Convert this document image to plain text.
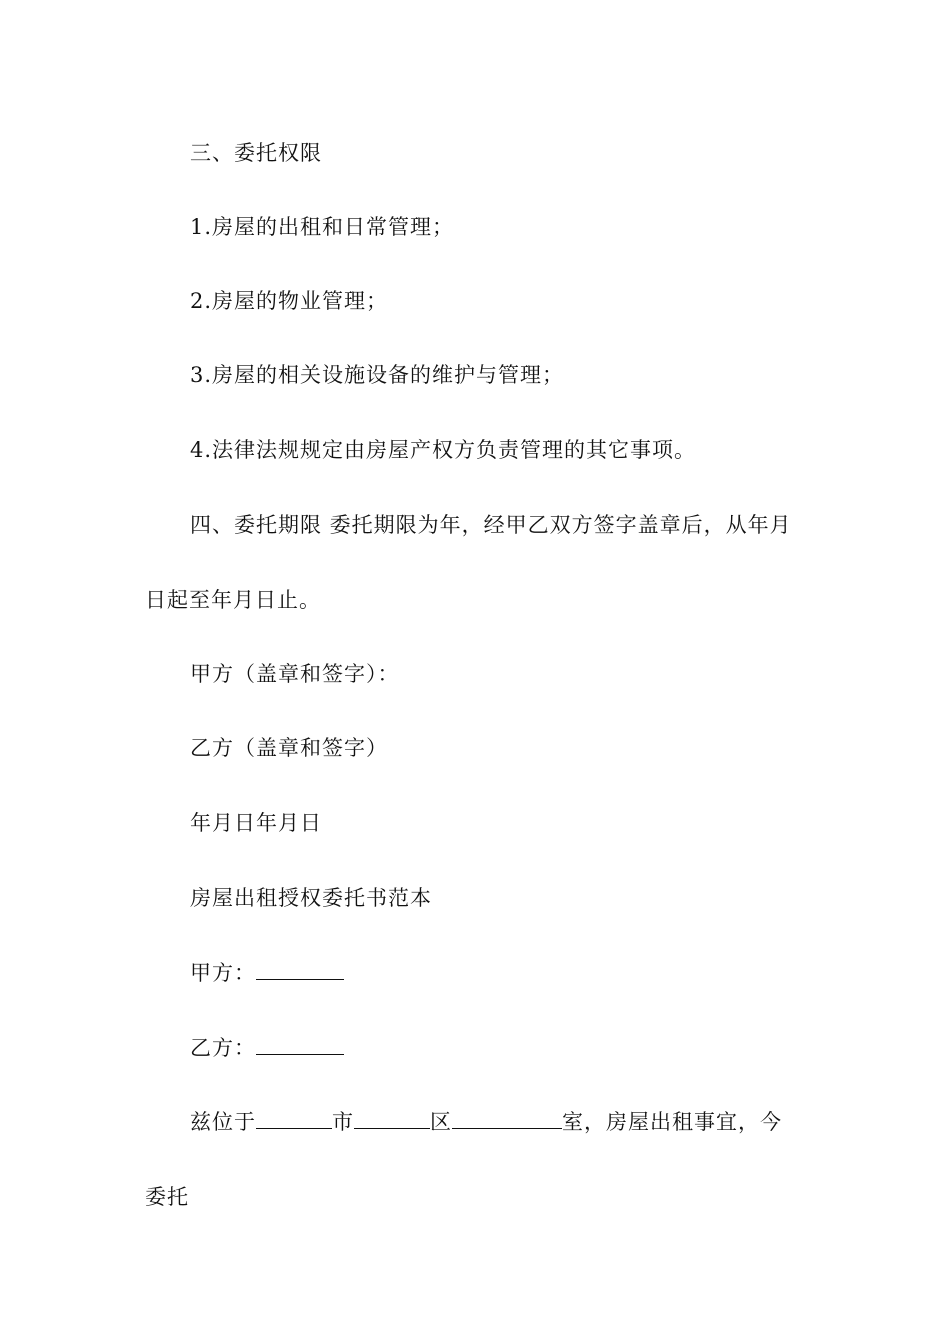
三、委托权限
1.房屋的出租和日常管理；
2.房屋的物业管理；
3.房屋的相关设施设备的维护与管理；
4.法律法规规定由房屋产权方负责管理的其它事项。
四、委托期限 委托期限为年，经甲乙双方签字盖章后，从年月
日起至年月日止。
甲方（盖章和签字）：
乙方（盖章和签字）
年月日年月日
房屋出租授权委托书范本
甲方：
乙方：
兹位于	市	区	室，房屋出租事宜，今
委托
